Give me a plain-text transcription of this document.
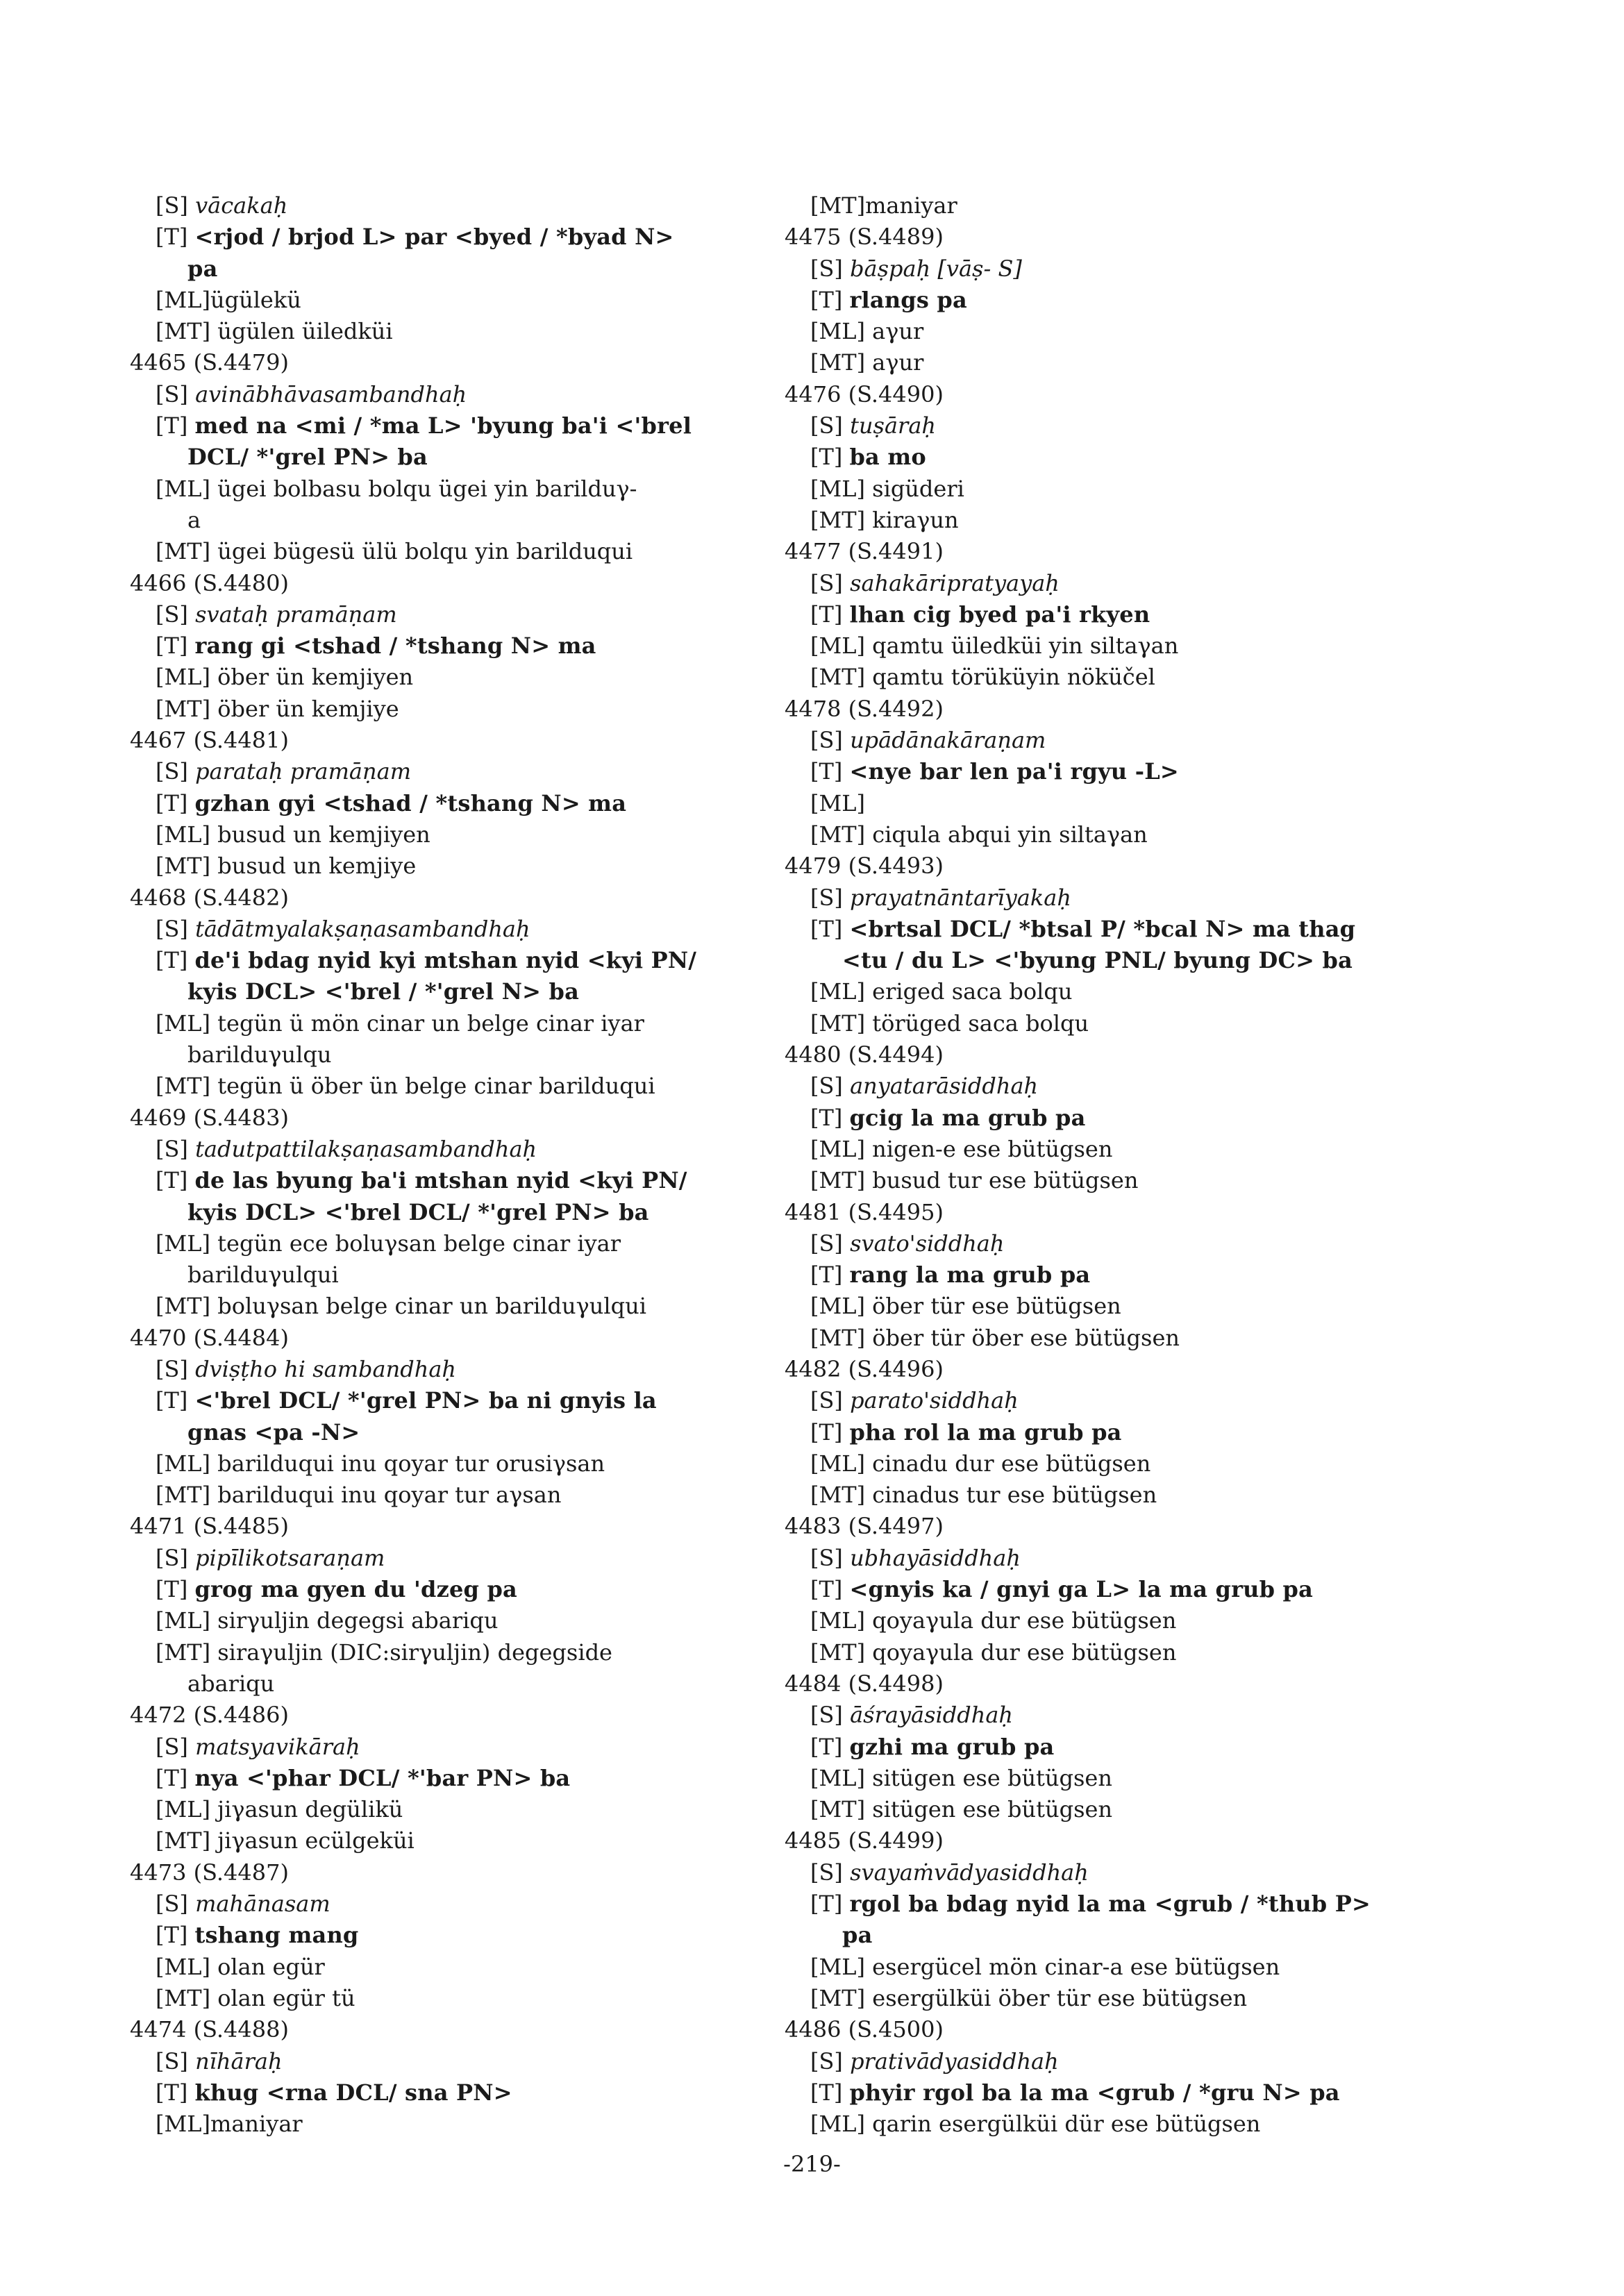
[S] vācakaḥ
[T] <rjod / brjod L> par <byed / *byad N>
pa
[ML]ügülekü
[MT] ügülen üiledküi
4465 (S.4479)
[S] avinābhāvasambandhaḥ
[T] med na <mi / *ma L> 'byung ba'i <'brel
DCL/ *'grel PN> ba
[ML] ügei bolbasu bolqu ügei yin barilduγ-
a
[MT] ügei bügesü ülü bolqu yin barilduqui
4466 (S.4480)
[S] svataḥ pramāṇam
[T] rang gi <tshad / *tshang N> ma
[ML] öber ün kemjiyen
[MT] öber ün kemjiye
4467 (S.4481)
[S] parataḥ pramāṇam
[T] gzhan gyi <tshad / *tshang N> ma
[ML] busud un kemjiyen
[MT] busud un kemjiye
4468 (S.4482)
[S] tādātmyalakṣaṇasambandhaḥ
[T] de'i bdag nyid kyi mtshan nyid <kyi PN/
kyis DCL> <'brel / *'grel N> ba
[ML] tegün ü mön cinar un belge cinar iyar
barilduγulqu
[MT] tegün ü öber ün belge cinar barilduqui
4469 (S.4483)
[S] tadutpattilakṣaṇasambandhaḥ
[T] de las byung ba'i mtshan nyid <kyi PN/
kyis DCL> <'brel DCL/ *'grel PN> ba
[ML] tegün ece boluγsan belge cinar iyar
barilduγulqui
[MT] boluγsan belge cinar un barilduγulqui
4470 (S.4484)
[S] dviṣṭho hi sambandhaḥ
[T] <'brel DCL/ *'grel PN> ba ni gnyis la
gnas <pa -N>
[ML] barilduqui inu qoyar tur orusiγsan
[MT] barilduqui inu qoyar tur aγsan
4471 (S.4485)
[S] pipīlikotsaraṇam
[T] grog ma gyen du 'dzeg pa
[ML] sirγuljin degegsi abariqu
[MT] siraγuljin (DIC:sirγuljin) degegside
abariqu
4472 (S.4486)
[S] matsyavikāraḥ
[T] nya <'phar DCL/ *'bar PN> ba
[ML] jiγasun degülikü
[MT] jiγasun ecülgeküi
4473 (S.4487)
[S] mahānasam
[T] tshang mang
[ML] olan egür
[MT] olan egür tü
4474 (S.4488)
[S] nīhāraḥ
[T] khug <rna DCL/ sna PN>
[ML]maniyar
[MT]maniyar
4475 (S.4489)
[S] bāṣpaḥ [vāṣ- S]
[T] rlangs pa
[ML] aγur
[MT] aγur
4476 (S.4490)
[S] tuṣāraḥ
[T] ba mo
[ML] sigüderi
[MT] kiraγun
4477 (S.4491)
[S] sahakāripratyayaḥ
[T] lhan cig byed pa'i rkyen
[ML] qamtu üiledküi yin siltaγan
[MT] qamtu törüküyin nöküčel
4478 (S.4492)
[S] upādānakāraṇam
[T] <nye bar len pa'i rgyu -L>
[ML]
[MT] ciqula abqui yin siltaγan
4479 (S.4493)
[S] prayatnāntarīyakaḥ
[T] <brtsal DCL/ *btsal P/ *bcal N> ma thag
<tu / du L> <'byung PNL/ byung DC> ba
[ML] eriged saca bolqu
[MT] törüged saca bolqu
4480 (S.4494)
[S] anyatarāsiddhaḥ
[T] gcig la ma grub pa
[ML] nigen-e ese bütügsen
[MT] busud tur ese bütügsen
4481 (S.4495)
[S] svato'siddhaḥ
[T] rang la ma grub pa
[ML] öber tür ese bütügsen
[MT] öber tür öber ese bütügsen
4482 (S.4496)
[S] parato'siddhaḥ
[T] pha rol la ma grub pa
[ML] cinadu dur ese bütügsen
[MT] cinadus tur ese bütügsen
4483 (S.4497)
[S] ubhayāsiddhaḥ
[T] <gnyis ka / gnyi ga L> la ma grub pa
[ML] qoyaγula dur ese bütügsen
[MT] qoyaγula dur ese bütügsen
4484 (S.4498)
[S] āśrayāsiddhaḥ
[T] gzhi ma grub pa
[ML] sitügen ese bütügsen
[MT] sitügen ese bütügsen
4485 (S.4499)
[S] svayaṁvādyasiddhaḥ
[T] rgol ba bdag nyid la ma <grub / *thub P>
pa
[ML] esergücel mön cinar-a ese bütügsen
[MT] esergülküi öber tür ese bütügsen
4486 (S.4500)
[S] prativādyasiddhaḥ
[T] phyir rgol ba la ma <grub / *gru N> pa
[ML] qarin esergülküi dür ese bütügsen
-219-
